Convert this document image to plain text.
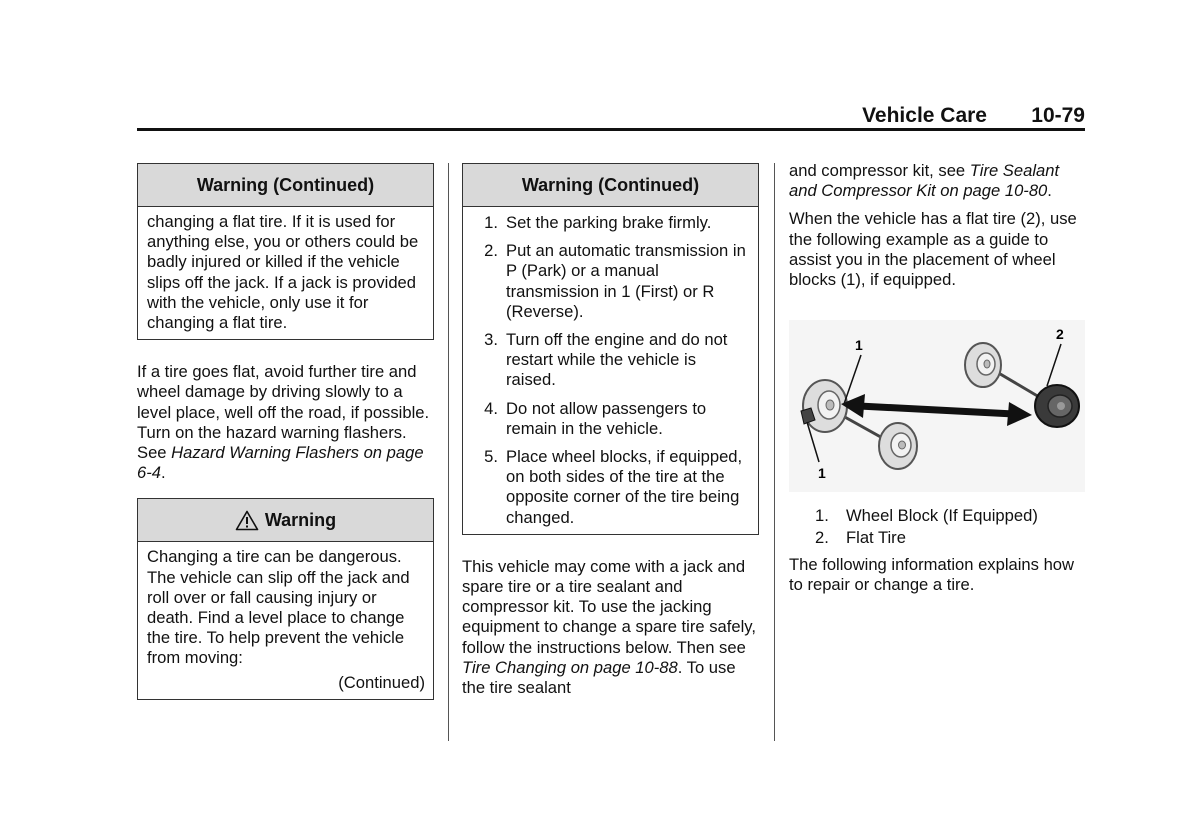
Vehicle Care 10-79
Warning (Continued)
changing a flat tire. If it is used for anything else, you or others could be badly injured or killed if the vehicle slips off the jack. If a jack is provided with the vehicle, only use it for changing a flat tire.

If a tire goes flat, avoid further tire and wheel damage by driving slowly to a level place, well off the road, if possible. Turn on the hazard warning flashers. See Hazard Warning Flashers on page 6-4.

Warning

Changing a tire can be dangerous. The vehicle can slip off the jack and roll over or fall causing injury or death. Find a level place to change the tire. To help prevent the vehicle from moving:

(Continued)

Warning (Continued)
1. Set the parking brake firmly.
2. Put an automatic transmission in P (Park) or a manual transmission in 1 (First) or R (Reverse).
3. Turn off the engine and do not restart while the vehicle is raised.
4. Do not allow passengers to remain in the vehicle.
5. Place wheel blocks, if equipped, on both sides of the tire at the opposite corner of the tire being changed.

This vehicle may come with a jack and spare tire or a tire sealant and compressor kit. To use the jacking equipment to change a spare tire safely, follow the instructions below. Then see Tire Changing on page 10-88. To use the tire sealant

and compressor kit, see Tire Sealant and Compressor Kit on page 10-80.

When the vehicle has a flat tire (2), use the following example as a guide to assist you in the placement of wheel blocks (1), if equipped.

1
2
1
1. Wheel Block (If Equipped)
2. Flat Tire

The following information explains how to repair or change a tire.
